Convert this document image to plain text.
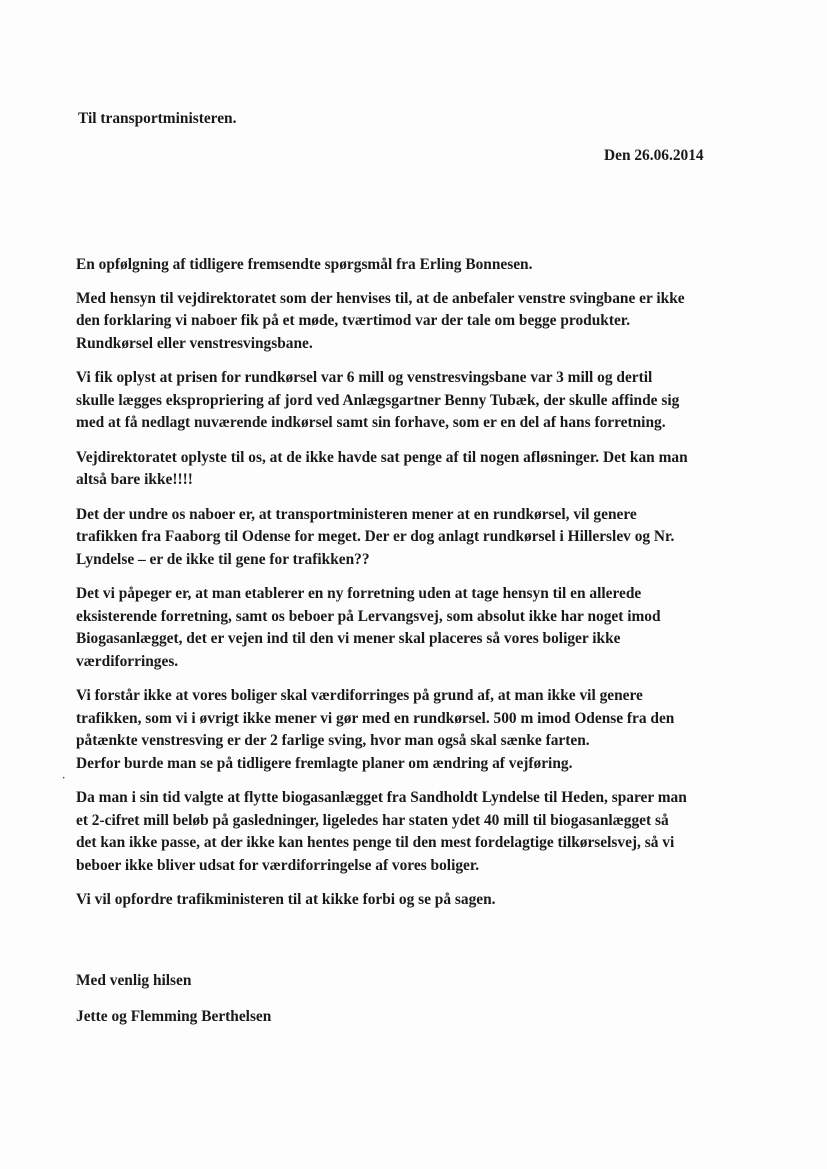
Til transportministeren.
Den 26.06.2014

En opfølgning af tidligere fremsendte spørgsmål fra Erling Bonnesen.

Med hensyn til vejdirektoratet som der henvises til, at de anbefaler venstre svingbane er ikke
den forklaring vi naboer fik på et møde, tværtimod var der tale om begge produkter.
Rundkørsel eller venstresvingsbane.

Vi fik oplyst at prisen for rundkørsel var 6 mill og venstresvingsbane var 3 mill og dertil
skulle lægges ekspropriering af jord ved Anlægsgartner Benny Tubæk, der skulle affinde sig
med at få nedlagt nuværende indkørsel samt sin forhave, som er en del af hans forretning.

Vejdirektoratet oplyste til os, at de ikke havde sat penge af til nogen afløsninger. Det kan man
altså bare ikke!!!!

Det der undre os naboer er, at transportministeren mener at en rundkørsel, vil genere
trafikken fra Faaborg til Odense for meget. Der er dog anlagt rundkørsel i Hillerslev og Nr.
Lyndelse – er de ikke til gene for trafikken??

Det vi påpeger er, at man etablerer en ny forretning uden at tage hensyn til en allerede
eksisterende forretning, samt os beboer på Lervangsvej, som absolut ikke har noget imod
Biogasanlægget, det er vejen ind til den vi mener skal placeres så vores boliger ikke
værdiforringes.

Vi forstår ikke at vores boliger skal værdiforringes på grund af, at man ikke vil genere
trafikken, som vi i øvrigt ikke mener vi gør med en rundkørsel. 500 m imod Odense fra den
påtænkte venstresving er der 2 farlige sving, hvor man også skal sænke farten.
Derfor burde man se på tidligere fremlagte planer om ændring af vejføring.

Da man i sin tid valgte at flytte biogasanlægget fra Sandholdt Lyndelse til Heden, sparer man
et 2-cifret mill beløb på gasledninger, ligeledes har staten ydet 40 mill til biogasanlægget så
det kan ikke passe, at der ikke kan hentes penge til den mest fordelagtige tilkørselsvej, så vi
beboer ikke bliver udsat for værdiforringelse af vores boliger.

Vi vil opfordre trafikministeren til at kikke forbi og se på sagen.

·
Med venlig hilsen
Jette og Flemming Berthelsen
